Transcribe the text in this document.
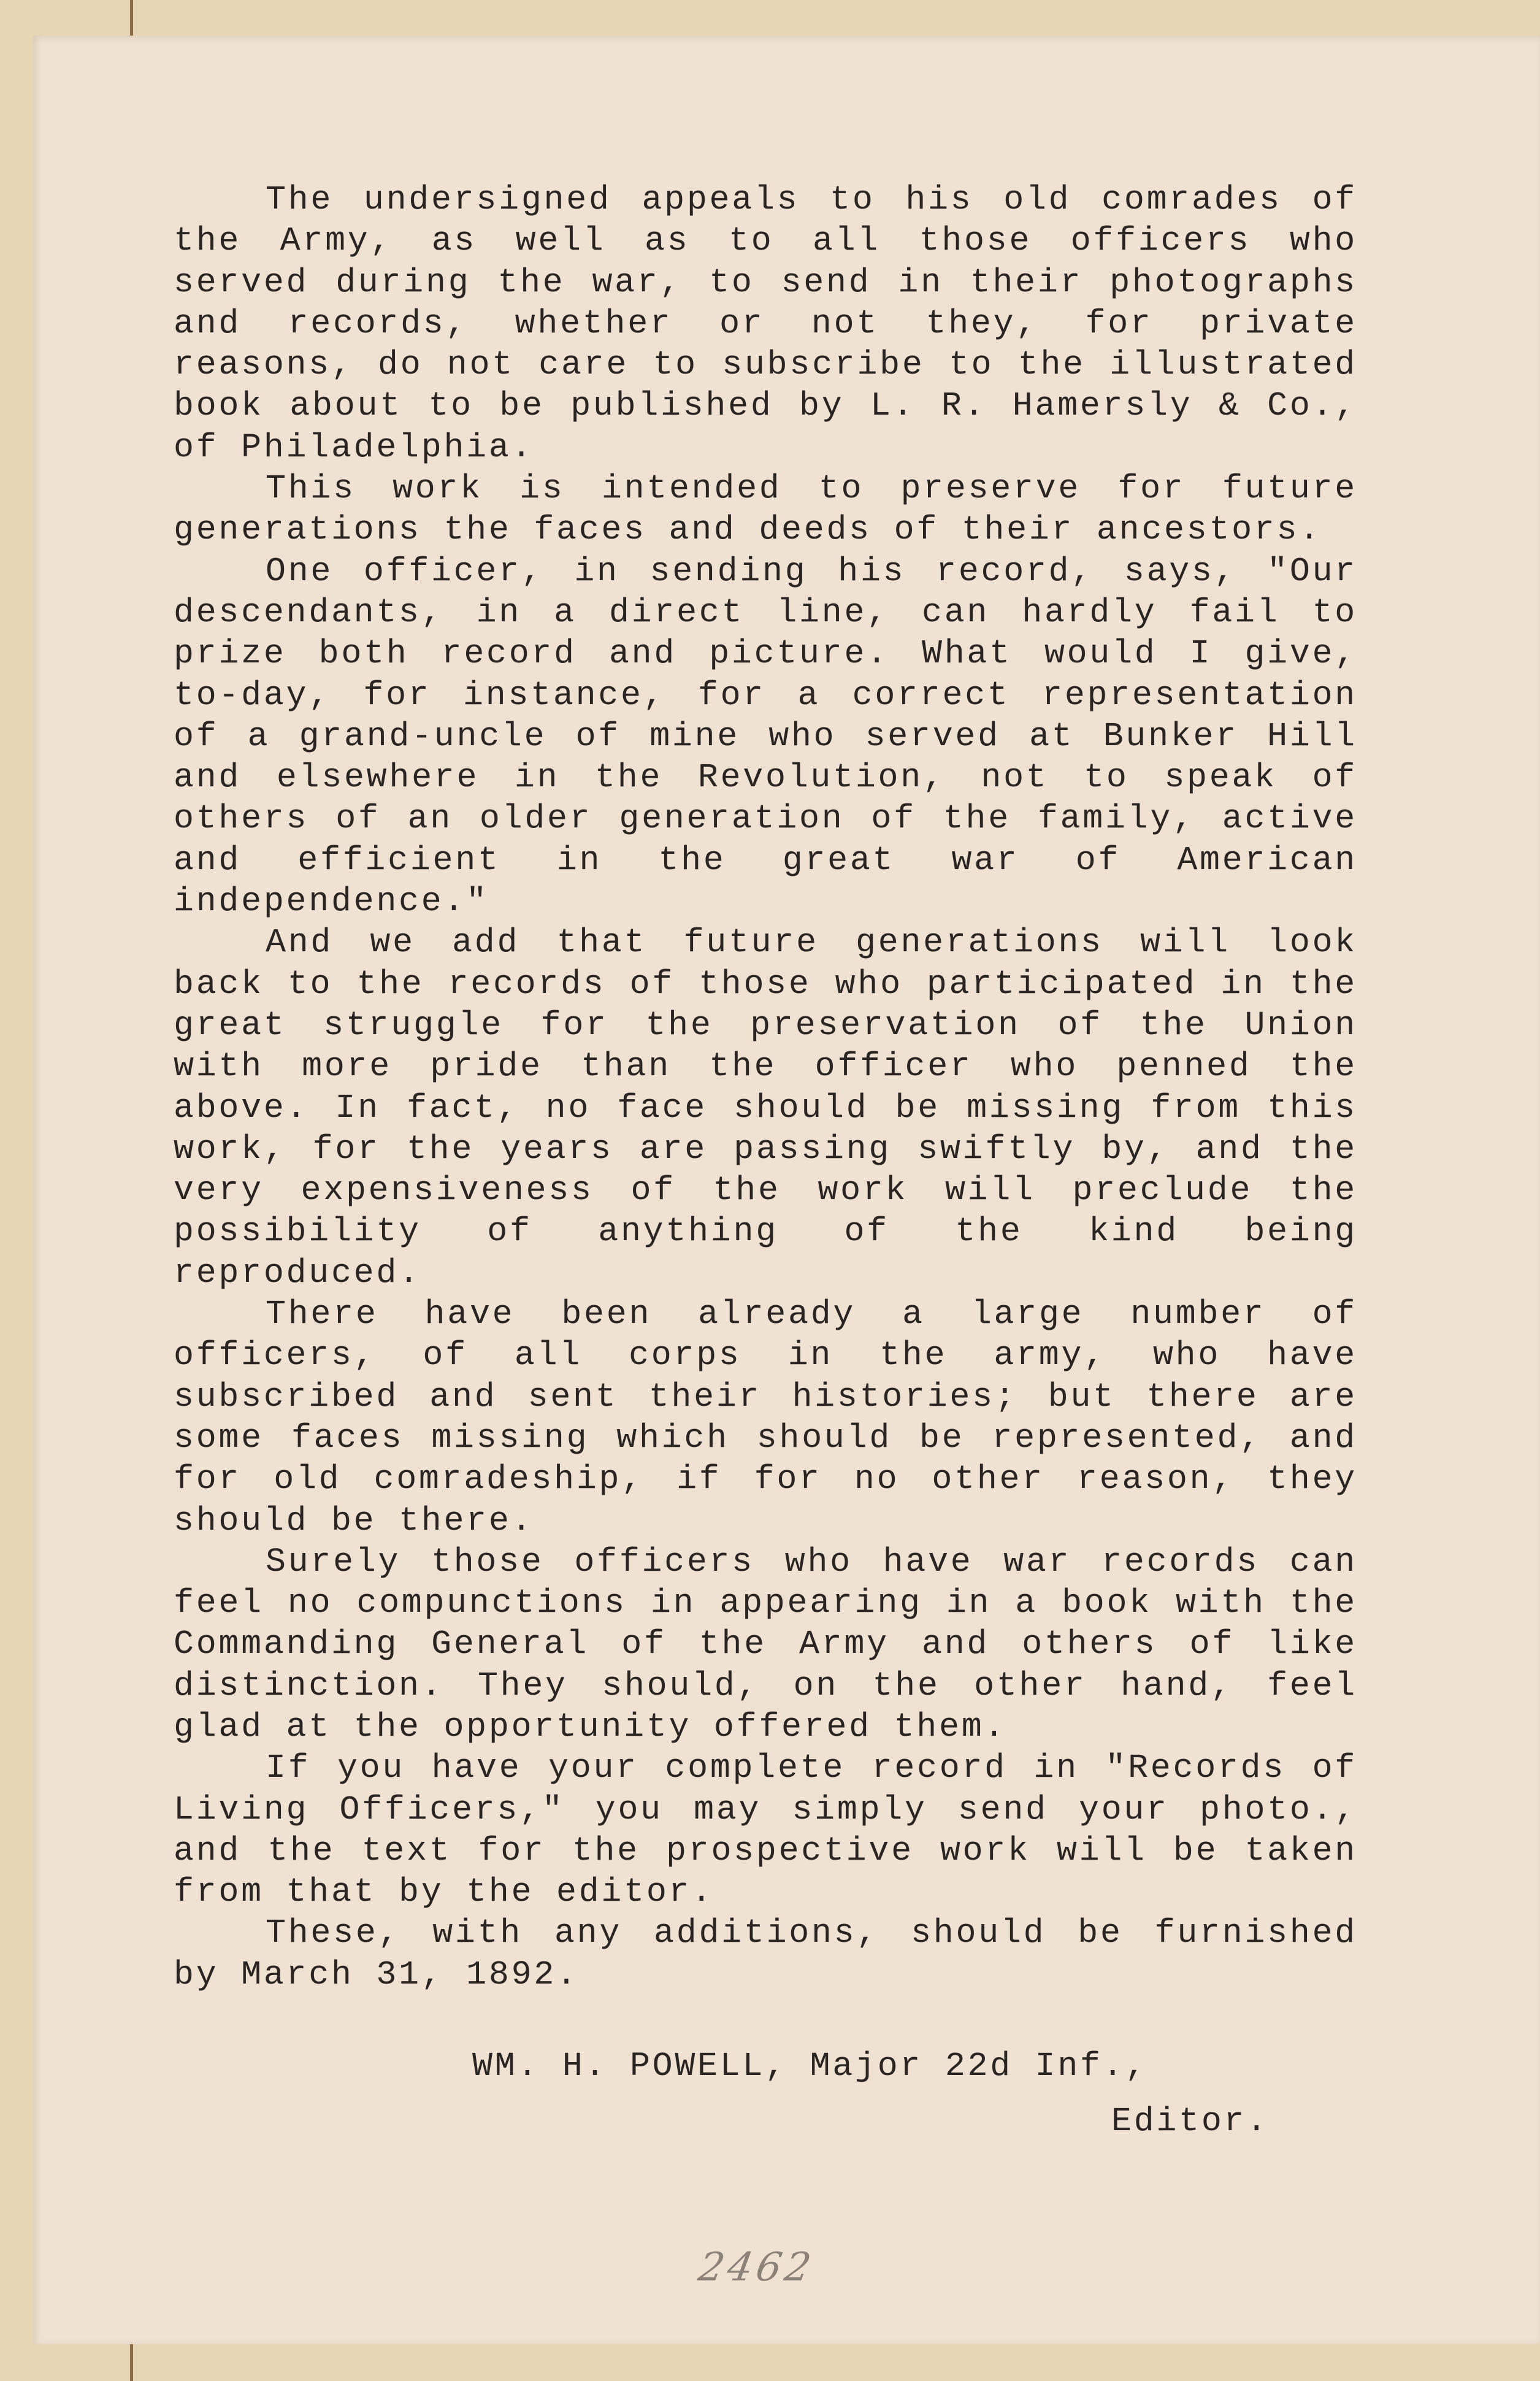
The undersigned appeals to his old comrades of the Army, as well as to all those officers who served during the war, to send in their photographs and records, whether or not they, for private reasons, do not care to subscribe to the illustrated book about to be published by L. R. Hamersly & Co., of Philadelphia.

This work is intended to preserve for future generations the faces and deeds of their ancestors.

One officer, in sending his record, says, "Our descendants, in a direct line, can hardly fail to prize both record and picture. What would I give, to-day, for instance, for a correct representation of a grand-uncle of mine who served at Bunker Hill and elsewhere in the Revolution, not to speak of others of an older generation of the family, active and efficient in the great war of American independence."

And we add that future generations will look back to the records of those who participated in the great struggle for the preservation of the Union with more pride than the officer who penned the above. In fact, no face should be missing from this work, for the years are passing swiftly by, and the very expensiveness of the work will preclude the possibility of anything of the kind being reproduced.

There have been already a large number of officers, of all corps in the army, who have subscribed and sent their histories; but there are some faces missing which should be represented, and for old comradeship, if for no other reason, they should be there.

Surely those officers who have war records can feel no compunctions in appearing in a book with the Commanding General of the Army and others of like distinction. They should, on the other hand, feel glad at the opportunity offered them.

If you have your complete record in "Records of Living Officers," you may simply send your photo., and the text for the prospective work will be taken from that by the editor.

These, with any additions, should be furnished by March 31, 1892.

WM. H. POWELL, Major 22d Inf.,
Editor.
2462
